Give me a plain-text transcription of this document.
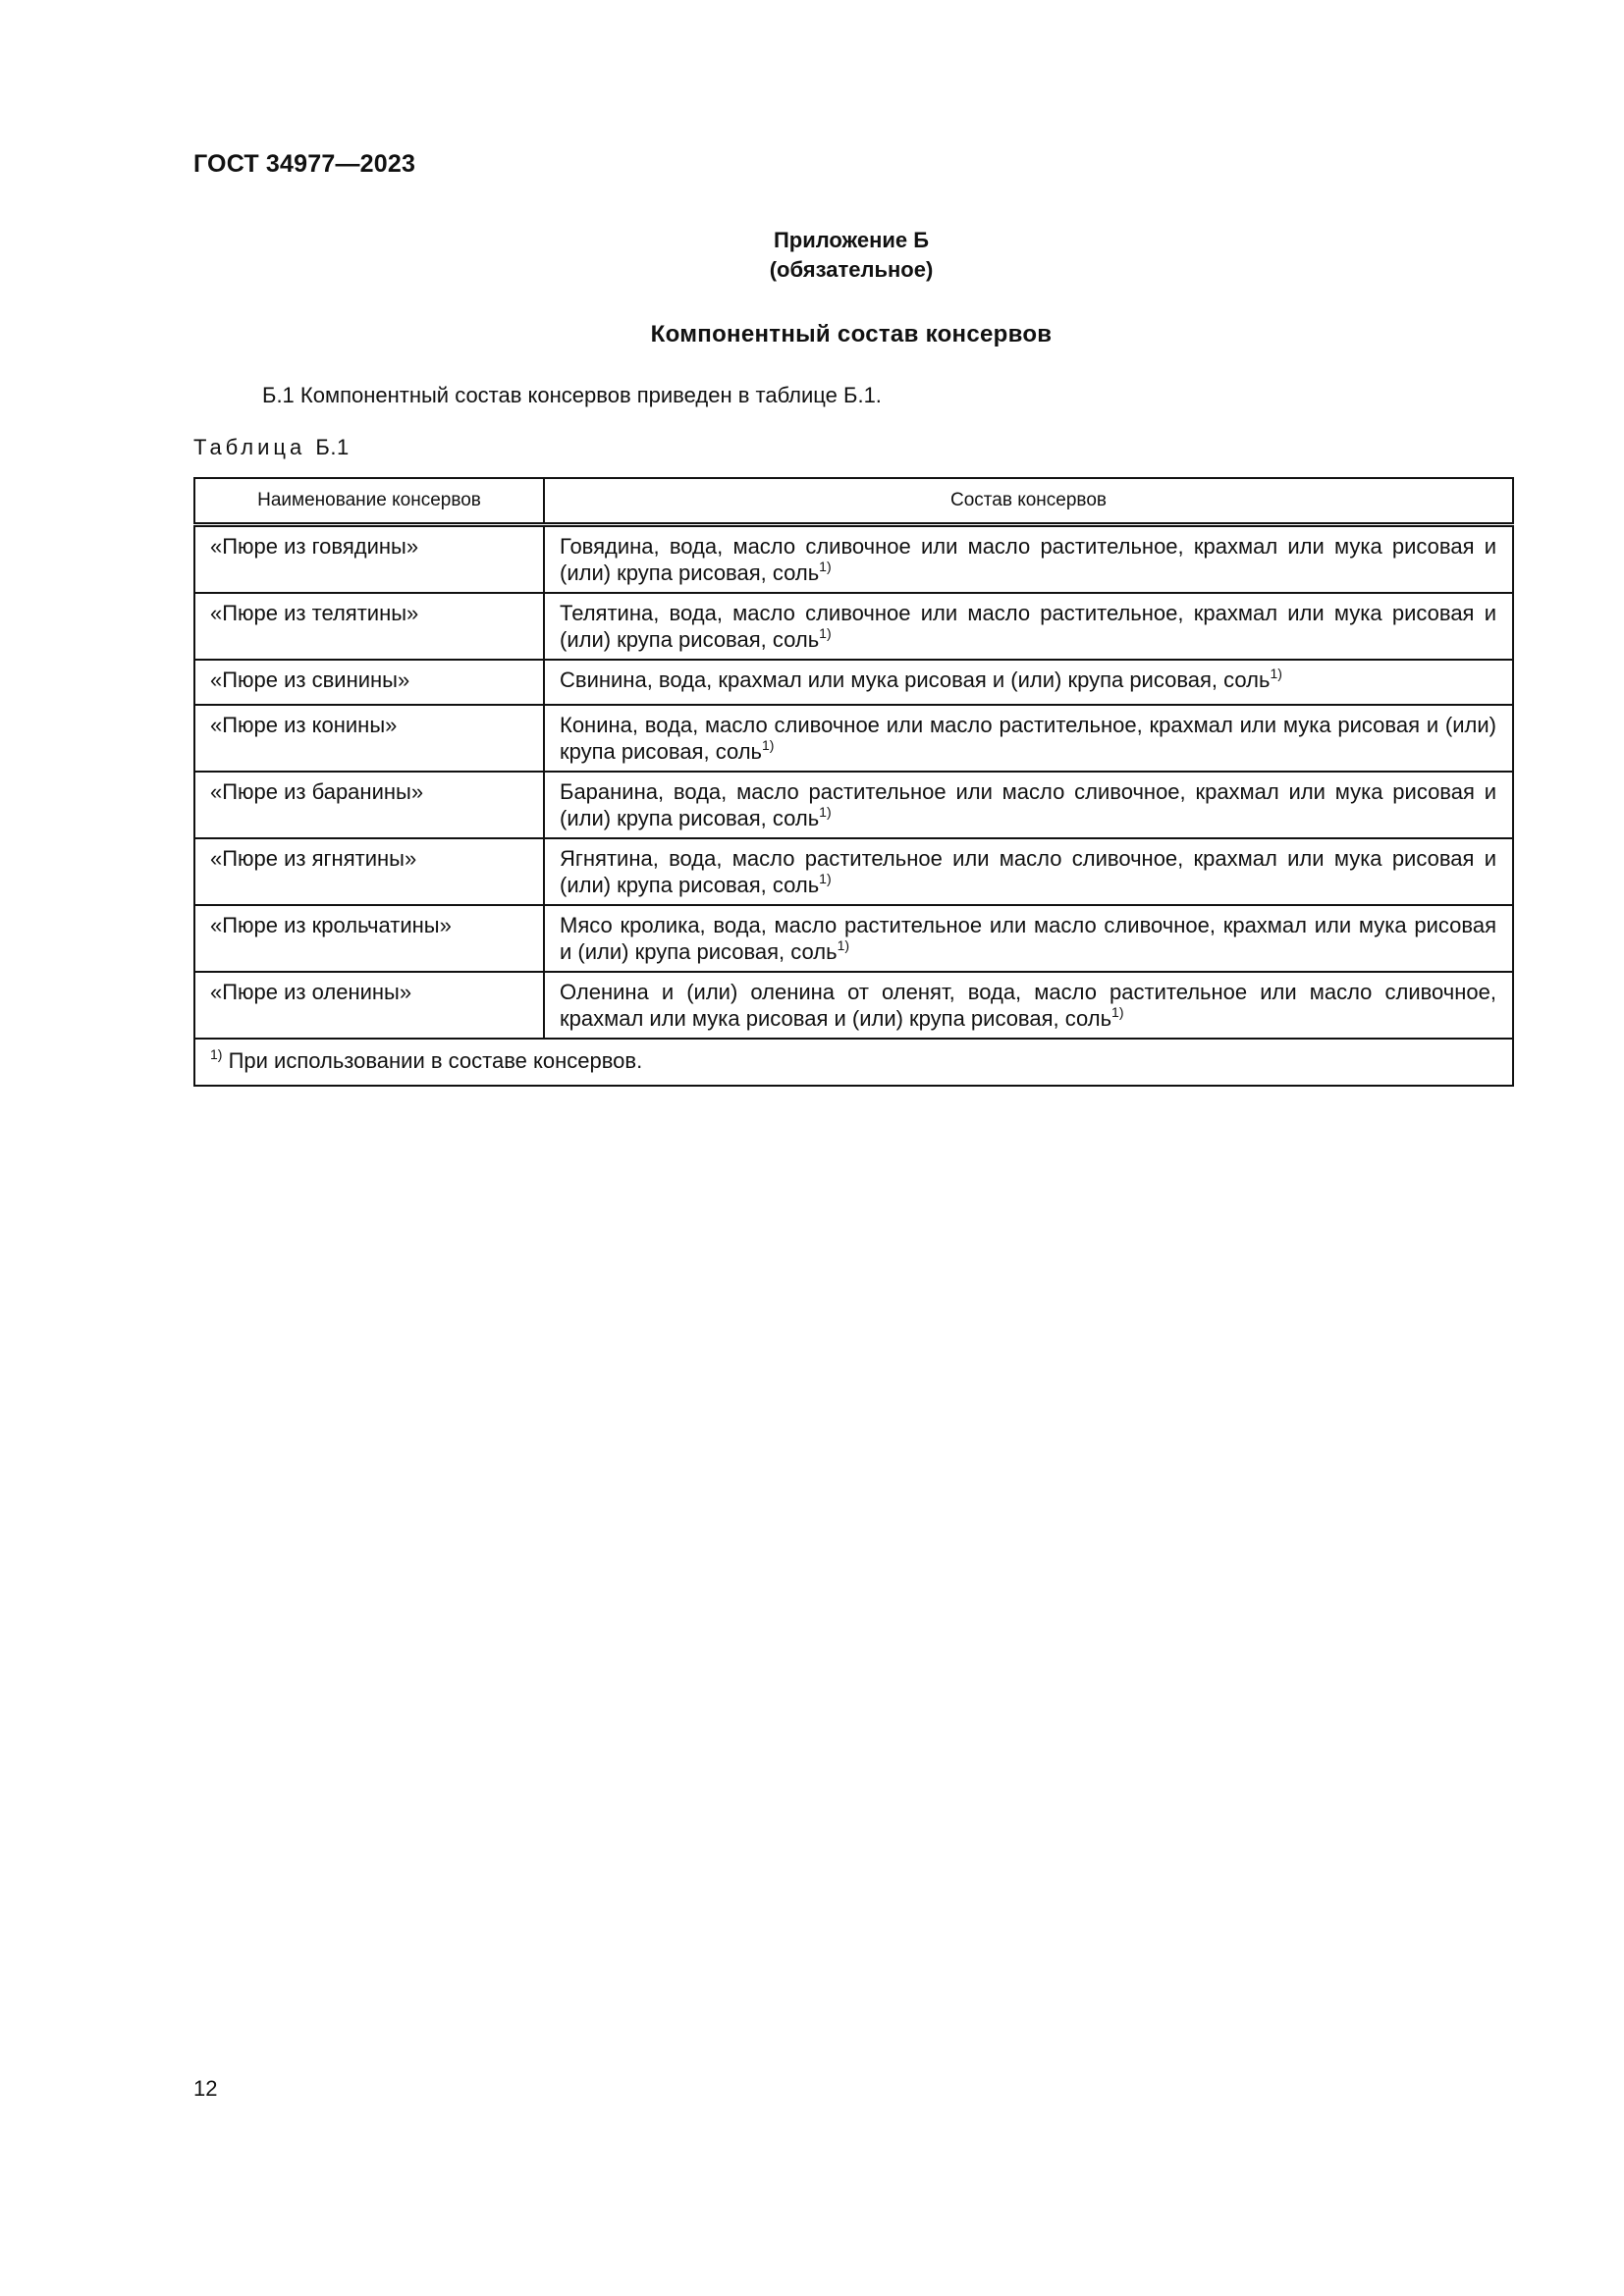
ГОСТ 34977—2023
Приложение Б
(обязательное)
Компонентный состав консервов
Б.1 Компонентный состав консервов приведен в таблице Б.1.
Таблица Б.1
Наименование консервов	Состав консервов
«Пюре из говядины»	Говядина, вода, масло сливочное или масло растительное, крахмал или мука рисовая и (или) крупа рисовая, соль$^{1)}$
«Пюре из телятины»	Телятина, вода, масло сливочное или масло растительное, крахмал или мука рисовая и (или) крупа рисовая, соль$^{1)}$
«Пюре из свинины»	Свинина, вода, крахмал или мука рисовая и (или) крупа рисовая, соль$^{1)}$
«Пюре из конины»	Конина, вода, масло сливочное или масло растительное, крахмал или мука рисовая и (или) крупа рисовая, соль$^{1)}$
«Пюре из баранины»	Баранина, вода, масло растительное или масло сливочное, крахмал или мука рисовая и (или) крупа рисовая, соль$^{1)}$
«Пюре из ягнятины»	Ягнятина, вода, масло растительное или масло сливочное, крахмал или мука рисовая и (или) крупа рисовая, соль$^{1)}$
«Пюре из крольчатины»	Мясо кролика, вода, масло растительное или масло сливочное, крахмал или мука рисовая и (или) крупа рисовая, соль$^{1)}$
«Пюре из оленины»	Оленина и (или) оленина от оленят, вода, масло растительное или масло сливочное, крахмал или мука рисовая и (или) крупа рисовая, соль$^{1)}$
$^{1)}$ При использовании в составе консервов.	
12
